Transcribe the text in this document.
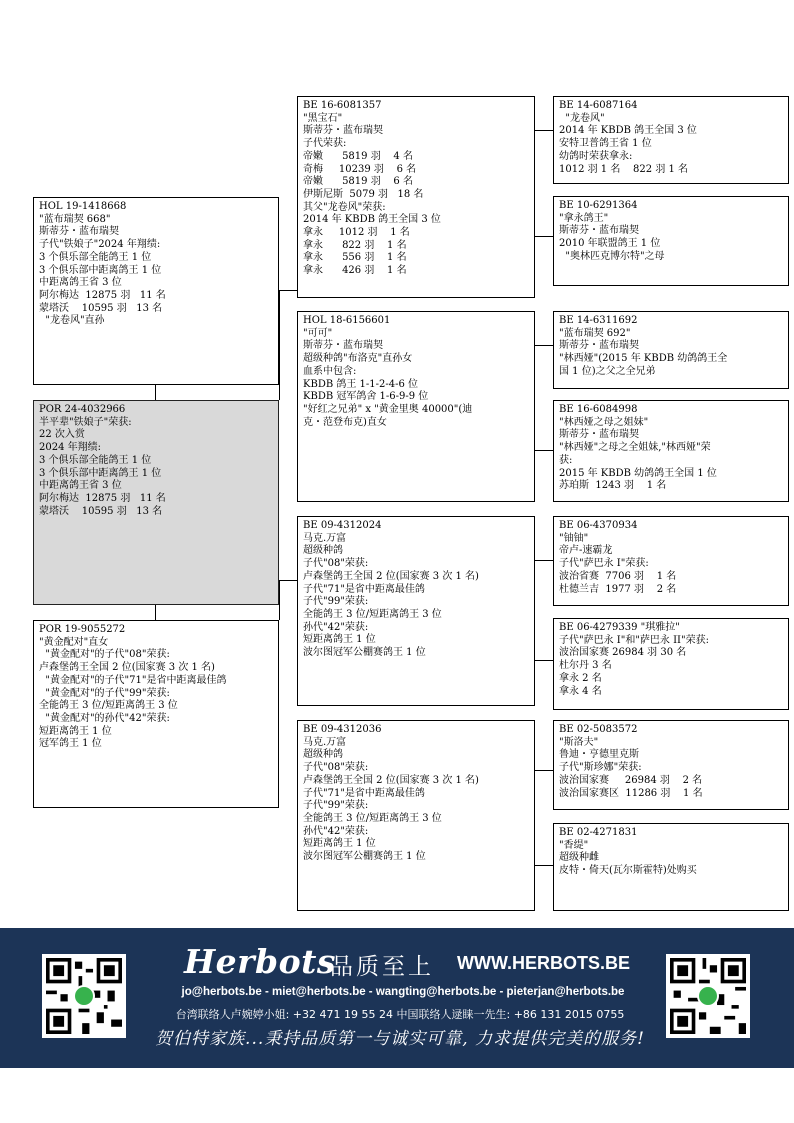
BE 16-6081357
"黑宝石"
斯蒂芬・蓝布瑞契
子代荣获:
帝嫩      5819 羽    4 名
奇梅     10239 羽    6 名
帝嫩      5819 羽    6 名
伊斯尼斯  5079 羽   18 名
其父"龙卷风"荣获:
2014 年 KBDB 鸽王全国 3 位
拿永     1012 羽    1 名
拿永      822 羽    1 名
拿永      556 羽    1 名
拿永      426 羽    1 名
BE 14-6087164
"龙卷风"
2014 年 KBDB 鸽王全国 3 位
安特卫普鸽王省 1 位
幼鸽时荣获拿永:
1012 羽 1 名    822 羽 1 名
BE 10-6291364
"拿永鸽王"
斯蒂芬・蓝布瑞契
2010 年联盟鸽王 1 位
"奥林匹克博尔特"之母
HOL 19-1418668
"蓝布瑞契 668"
斯蒂芬・蓝布瑞契
子代"铁娘子"2024 年翔绩:
3 个俱乐部全能鸽王 1 位
3 个俱乐部中距离鸽王 1 位
中距离鸽王省 3 位
阿尔梅达  12875 羽   11 名
蒙塔沃    10595 羽   13 名
"龙卷风"直孙	HOL 18-6156601
"可可"
斯蒂芬・蓝布瑞契
超级种鸽"布洛克"直孙女
血系中包含:
KBDB 鸽王 1-1-2-4-6 位
KBDB 冠军鸽舍 1-6-9-9 位
"好红之兄弟" x "黄金里奥 40000"(迪
克・范登布克)直女
BE 14-6311692
"蓝布瑞契 692"
斯蒂芬・蓝布瑞契
"林西娅"(2015 年 KBDB 幼鸽鸽王全
国 1 位)之父之全兄弟
BE 16-6084998
"林西娅之母之姐妹"
斯蒂芬・蓝布瑞契
"林西娅"之母之全姐妹,"林西娅"荣
获:
2015 年 KBDB 幼鸽鸽王全国 1 位
苏珀斯  1243 羽    1 名
POR 24-4032966
半平辈"铁娘子"荣获:
22 次入赏
2024 年翔绩:
3 个俱乐部全能鸽王 1 位
3 个俱乐部中距离鸽王 1 位
中距离鸽王省 3 位
阿尔梅达  12875 羽   11 名
蒙塔沃    10595 羽   13 名
BE 09-4312024
马克.万富
超级种鸽
子代"08"荣获:
卢森堡鸽王全国 2 位(国家赛 3 次 1 名)
子代"71"是省中距离最佳鸽
子代"99"荣获:
全能鸽王 3 位/短距离鸽王 3 位
孙代"42"荣获:
短距离鸽王 1 位
波尔图冠军公棚赛鸽王 1 位
BE 06-4370934
"铀铀"
帝卢-速霸龙
子代"萨巴永 I"荣获:
波治省赛  7706 羽    1 名
杜德兰吉  1977 羽    2 名
BE 06-4279339 "琪雅拉"
子代"萨巴永 I"和"萨巴永 II"荣获:
波治国家赛 26984 羽 30 名
杜尔丹 3 名
拿永 2 名
拿永 4 名
POR 19-9055272
"黄金配对"直女
"黄金配对"的子代"08"荣获:
卢森堡鸽王全国 2 位(国家赛 3 次 1 名)
"黄金配对"的子代"71"是省中距离最佳鸽
"黄金配对"的子代"99"荣获:
全能鸽王 3 位/短距离鸽王 3 位
"黄金配对"的孙代"42"荣获:
短距离鸽王 1 位
冠军鸽王 1 位
BE 09-4312036
马克.万富
超级种鸽
子代"08"荣获:
卢森堡鸽王全国 2 位(国家赛 3 次 1 名)
子代"71"是省中距离最佳鸽
子代"99"荣获:
全能鸽王 3 位/短距离鸽王 3 位
孙代"42"荣获:
短距离鸽王 1 位
波尔图冠军公棚赛鸽王 1 位
BE 02-5083572
"斯洛夫"
鲁迪・亨德里克斯
子代"斯珍娜"荣获:
波治国家赛     26984 羽    2 名
波治国家赛区  11286 羽    1 名
BE 02-4271831
"香缇"
超级种雌
皮特・倚天(瓦尔斯霍特)处购买
Herbots
品质至上 WWW.HERBOTS.BE
jo@herbots.be - miet@herbots.be - wangting@herbots.be - pieterjan@herbots.be
台湾联络人卢婉婷小姐: +32 471 19 55 24 中国联络人逯睐一先生: +86 131 2015 0755
贺伯特家族...秉持品质第一与诚实可靠, 力求提供完美的服务!
